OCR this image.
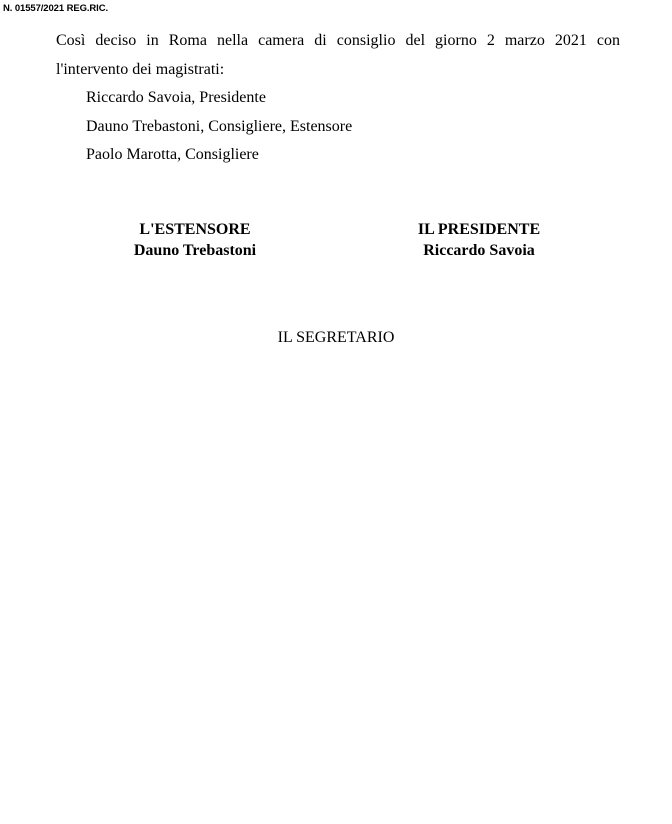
N. 01557/2021 REG.RIC.
Così deciso in Roma nella camera di consiglio del giorno 2 marzo 2021 con
l'intervento dei magistrati:
Riccardo Savoia, Presidente
Dauno Trebastoni, Consigliere, Estensore
Paolo Marotta, Consigliere
L'ESTENSORE
Dauno Trebastoni
IL PRESIDENTE
Riccardo Savoia
IL SEGRETARIO
